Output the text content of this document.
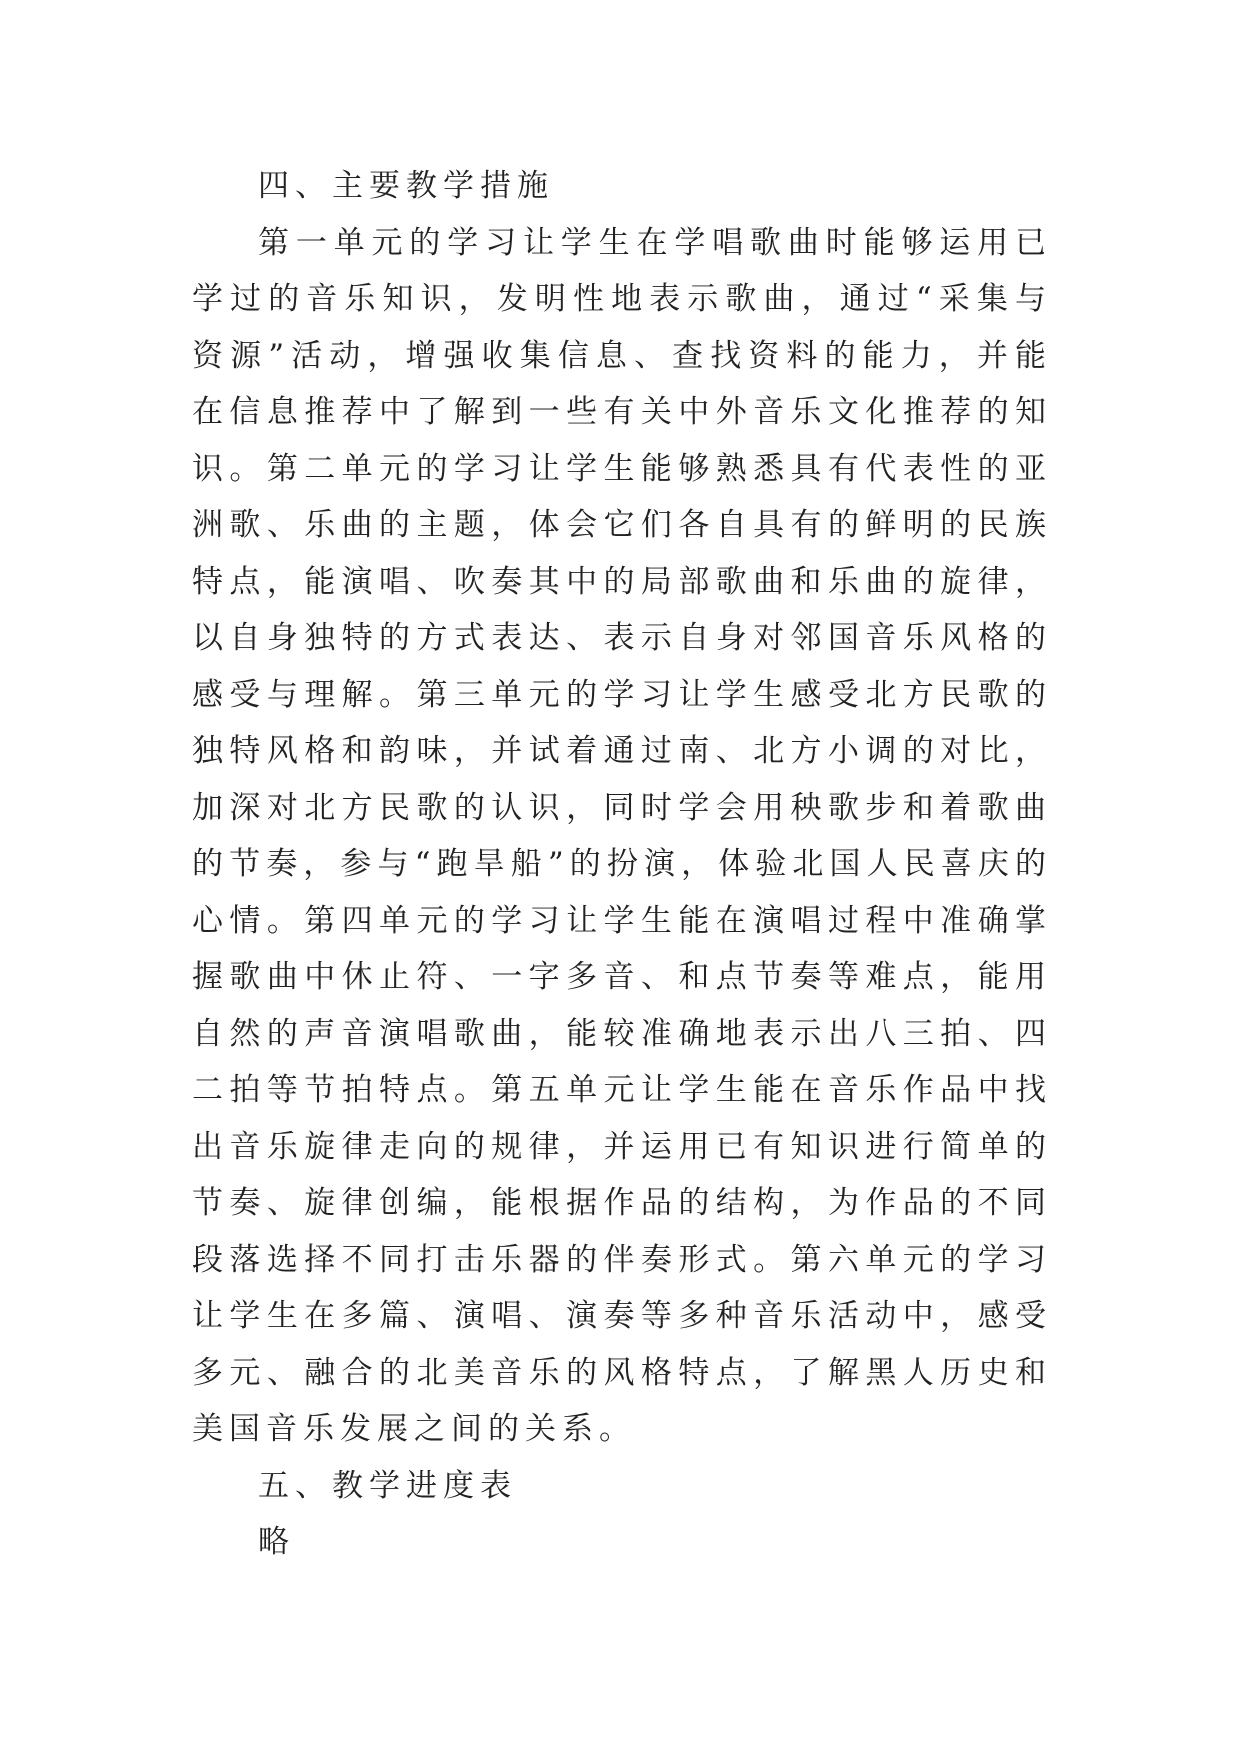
四、主要教学措施

第一单元的学习让学生在学唱歌曲时能够运用已学过的音乐知识，发明性地表示歌曲，通过“采集与资源”活动，增强收集信息、查找资料的能力，并能在信息推荐中了解到一些有关中外音乐文化推荐的知识。第二单元的学习让学生能够熟悉具有代表性的亚洲歌、乐曲的主题，体会它们各自具有的鲜明的民族特点，能演唱、吹奏其中的局部歌曲和乐曲的旋律，以自身独特的方式表达、表示自身对邻国音乐风格的感受与理解。第三单元的学习让学生感受北方民歌的独特风格和韵味，并试着通过南、北方小调的对比，加深对北方民歌的认识，同时学会用秧歌步和着歌曲的节奏，参与“跑旱船”的扮演，体验北国人民喜庆的心情。第四单元的学习让学生能在演唱过程中准确掌握歌曲中休止符、一字多音、和点节奏等难点，能用自然的声音演唱歌曲，能较准确地表示出八三拍、四二拍等节拍特点。第五单元让学生能在音乐作品中找出音乐旋律走向的规律，并运用已有知识进行简单的节奏、旋律创编，能根据作品的结构，为作品的不同段落选择不同打击乐器的伴奏形式。第六单元的学习让学生在多篇、演唱、演奏等多种音乐活动中，感受多元、融合的北美音乐的风格特点，了解黑人历史和美国音乐发展之间的关系。

五、教学进度表

略
